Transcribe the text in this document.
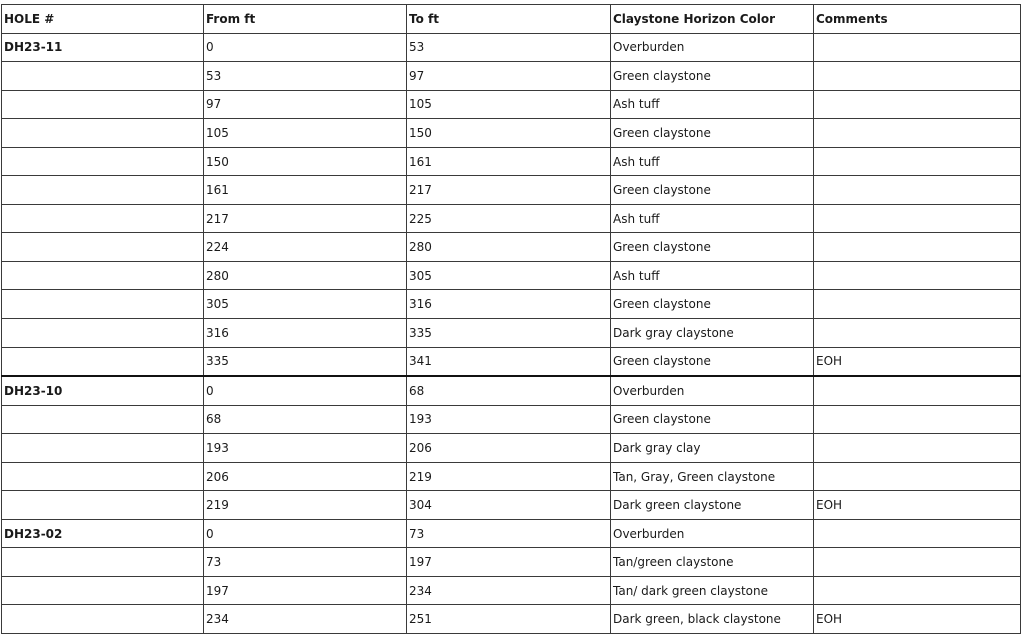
HOLE #	From ft	To ft	Claystone Horizon Color	Comments
DH23-11	0	53	Overburden	
	53	97	Green claystone	
	97	105	Ash tuff	
	105	150	Green claystone	
	150	161	Ash tuff	
	161	217	Green claystone	
	217	225	Ash tuff	
	224	280	Green claystone	
	280	305	Ash tuff	
	305	316	Green claystone	
	316	335	Dark gray claystone	
	335	341	Green claystone	EOH
DH23-10	0	68	Overburden	
	68	193	Green claystone	
	193	206	Dark gray clay	
	206	219	Tan, Gray, Green claystone	
	219	304	Dark green claystone	EOH
DH23-02	0	73	Overburden	
	73	197	Tan/green claystone	
	197	234	Tan/ dark green claystone	
	234	251	Dark green, black claystone	EOH
